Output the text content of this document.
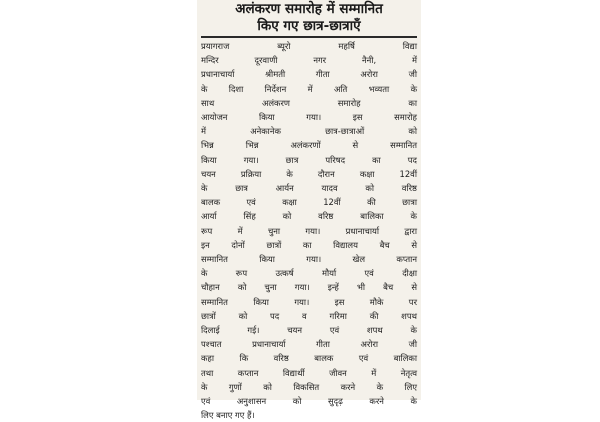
अलंकरण समारोह में सम्मानित
किए गए छात्र-छात्राएँ
प्रयागराज ब्यूरो महर्षि विद्या
मन्दिर दूरवाणी नगर नैनी, में
प्रधानाचार्या श्रीमती गीता अरोरा जी
के दिशा निर्देशन में अति भव्यता के
साथ अलंकरण समारोह का
आयोजन किया गया। इस समारोह
में अनेकानेक छात्र-छात्राओं को
भिन्न भिन्न अलंकरणों से सम्मानित
किया गया। छात्र परिषद का पद
चयन प्रक्रिया के दौरान कक्षा 12वीं
के छात्र आर्यन यादव को वरिष्ठ
बालक एवं कक्षा 12वीं की छात्रा
आर्या सिंह को वरिष्ठ बालिका के
रूप में चुना गया। प्रधानाचार्या द्वारा
इन दोनों छात्रों का विद्यालय बैच से
सम्मानित किया गया। खेल कप्तान
के रूप उत्कर्ष मौर्या एवं दीक्षा
चौहान को चुना गया। इन्हें भी बैच से
सम्मानित किया गया। इस मौके पर
छात्रों को पद व गरिमा की शपथ
दिलाई गई। चयन एवं शपथ के
पश्चात प्रधानाचार्या गीता अरोरा जी
कहा कि वरिष्ठ बालक एवं बालिका
तथा कप्तान विद्यार्थी जीवन में नेतृत्व
के गुणों को विकसित करने के लिए
एवं अनुशासन को सुदृढ़ करने के
लिए बनाए गए हैं।
